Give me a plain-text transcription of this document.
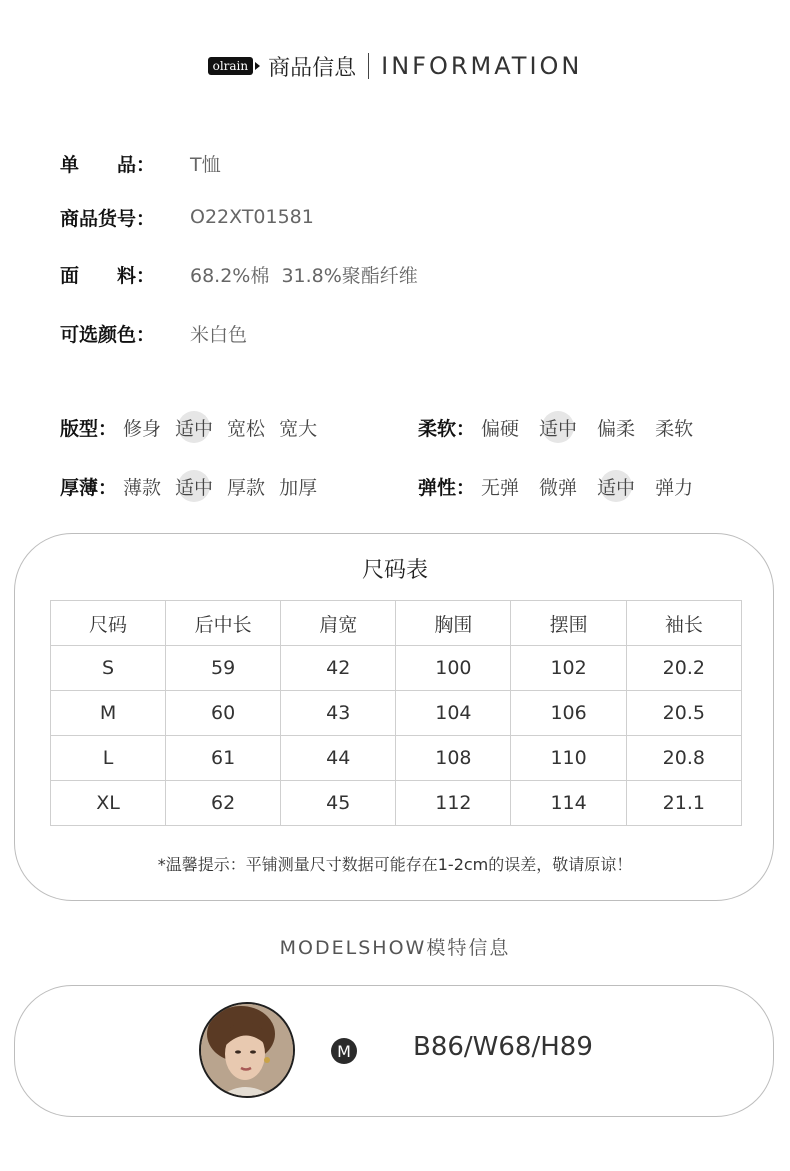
olrain 商品信息 INFORMATION
单　　品：	T恤
商品货号：	O22XT01581
面　　料：	68.2%棉  31.8%聚酯纤维
可选颜色：	米白色
版型： 修身 适中 宽松 宽大	柔软： 偏硬 适中 偏柔 柔软
厚薄： 薄款 适中 厚款 加厚	弹性： 无弹 微弹 适中 弹力
尺码表
尺码	后中长	肩宽	胸围	摆围	袖长
S	59	42	100	102	20.2
M	60	43	104	106	20.5
L	61	44	108	110	20.8
XL	62	45	112	114	21.1
*温馨提示：平铺测量尺寸数据可能存在1-2cm的误差，敬请原谅！
MODELSHOW模特信息
M B86/W68/H89
